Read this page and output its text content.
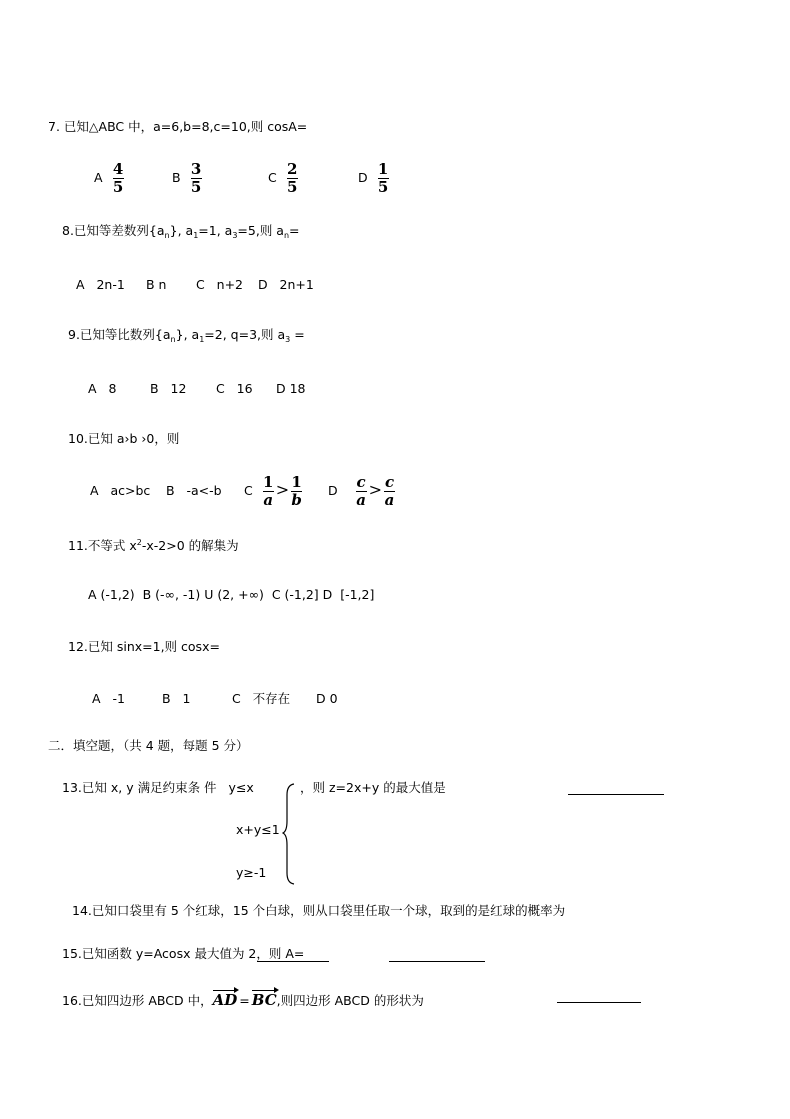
7. 已知△ABC 中，a=6,b=8,c=10,则 cosA=
A $\frac{4}{5}$	B $\frac{3}{5}$	C $\frac{2}{5}$	D $\frac{1}{5}$
8.已知等差数列$\{a_n\}$, $a_1=1$, $a_3=5$,则 $a_n=$
A   2n-1 B n C   n+2 D   2n+1
9.已知等比数列$\{a_n\}$, $a_1=2$, q=3,则 $a_3$ =
A   8	B   12 C   16 D 18
10.已知 a›b ›0，则
A   ac>bc B   -a<-b C $\frac{1}{a} > \frac{1}{b}$ D $\frac{c}{a} > \frac{c}{a}$
11.不等式 $x^2-x-2>0$ 的解集为
A (-1,2)  B (-∞, -1) U (2, +∞)  C (-1,2] D  [-1,2]
12.已知 sinx=1,则 cosx=
A   -1	B   1	C   不存在 D 0
二．填空题，（共 4 题，每题 5 分）
13.已知 x, y 满足约束条 件 y≤x	，则 z=2x+y 的最大值是
x+y≤1
y≥-1
14.已知口袋里有 5 个红球，15 个白球，则从口袋里任取一个球，取到的是红球的概率为
15.已知函数 y=Acosx 最大值为 2，则 A=
16.已知四边形 ABCD 中，AD = BC,则四边形 ABCD 的形状为
